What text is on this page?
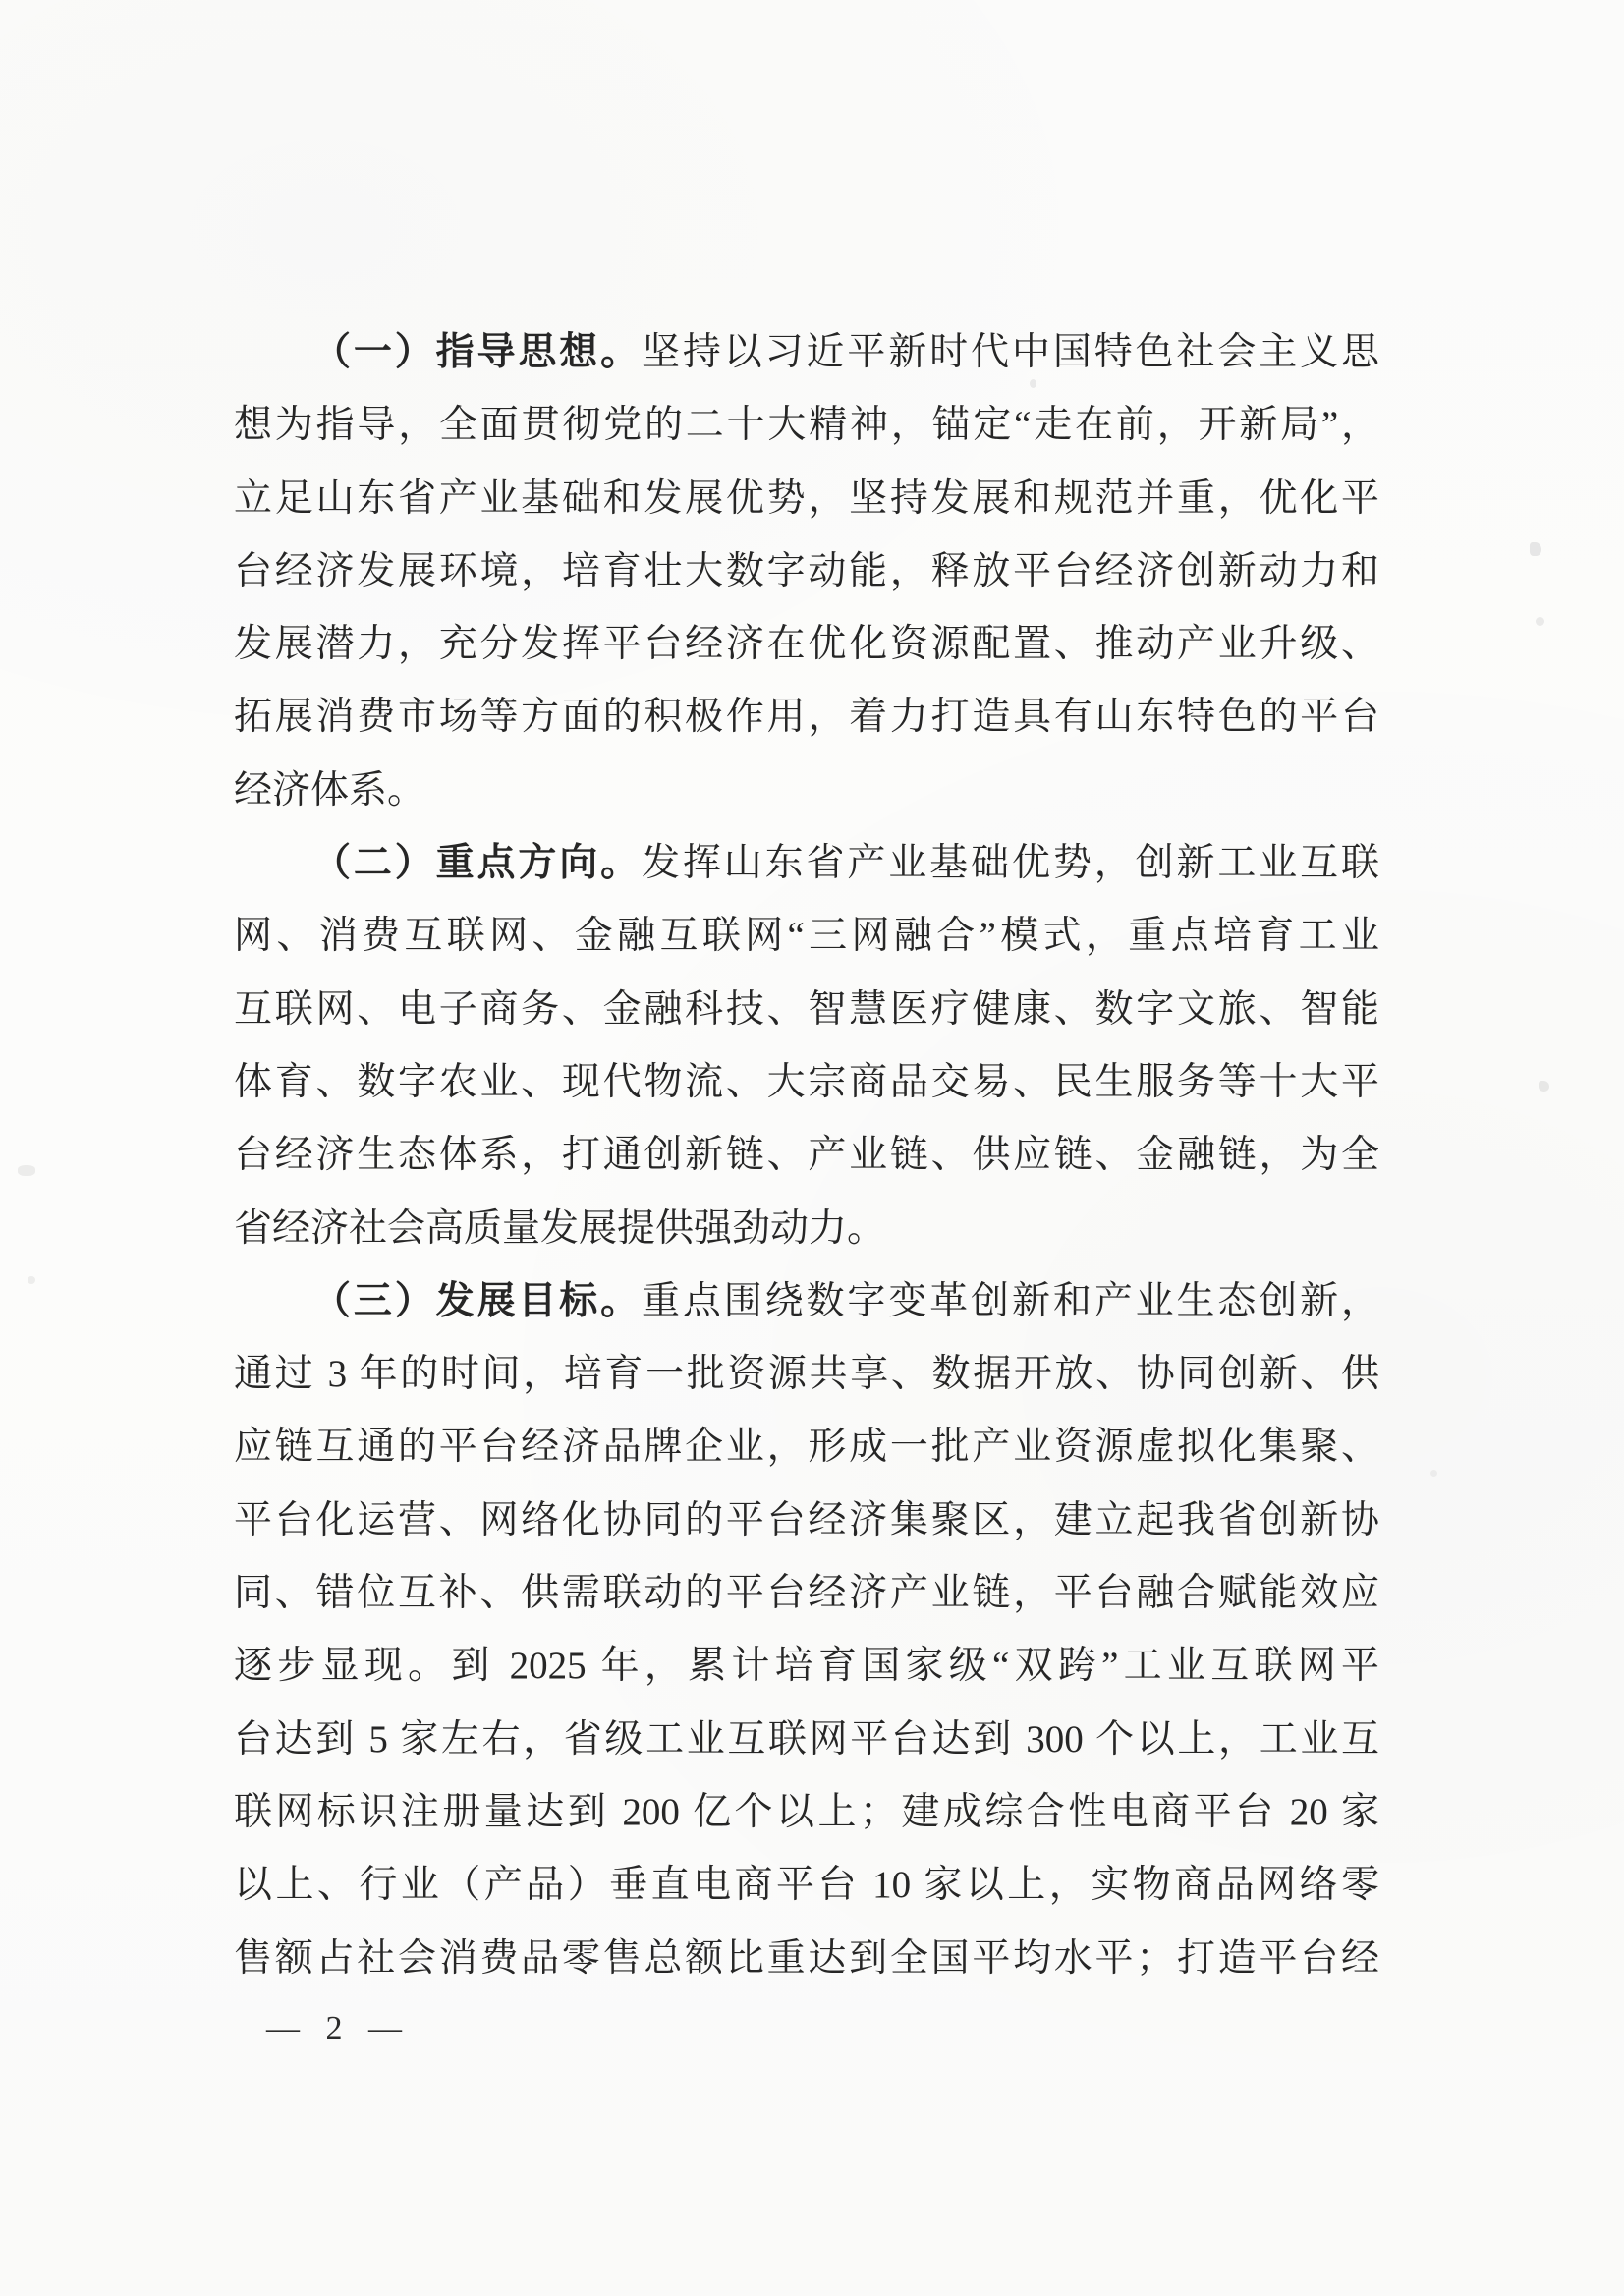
（一）指导思想。坚持以习近平新时代中国特色社会主义思
想为指导，全面贯彻党的二十大精神，锚定“走在前，开新局”，
立足山东省产业基础和发展优势，坚持发展和规范并重，优化平
台经济发展环境，培育壮大数字动能，释放平台经济创新动力和
发展潜力，充分发挥平台经济在优化资源配置、推动产业升级、
拓展消费市场等方面的积极作用，着力打造具有山东特色的平台
经济体系。
（二）重点方向。发挥山东省产业基础优势，创新工业互联
网、消费互联网、金融互联网“三网融合”模式，重点培育工业
互联网、电子商务、金融科技、智慧医疗健康、数字文旅、智能
体育、数字农业、现代物流、大宗商品交易、民生服务等十大平
台经济生态体系，打通创新链、产业链、供应链、金融链，为全
省经济社会高质量发展提供强劲动力。
（三）发展目标。重点围绕数字变革创新和产业生态创新，
通过 3 年的时间，培育一批资源共享、数据开放、协同创新、供
应链互通的平台经济品牌企业，形成一批产业资源虚拟化集聚、
平台化运营、网络化协同的平台经济集聚区，建立起我省创新协
同、错位互补、供需联动的平台经济产业链，平台融合赋能效应
逐步显现。到 2025 年，累计培育国家级“双跨”工业互联网平
台达到 5 家左右，省级工业互联网平台达到 300 个以上，工业互
联网标识注册量达到 200 亿个以上；建成综合性电商平台 20 家
以上、行业（产品）垂直电商平台 10 家以上，实物商品网络零
售额占社会消费品零售总额比重达到全国平均水平；打造平台经
— 2 —
